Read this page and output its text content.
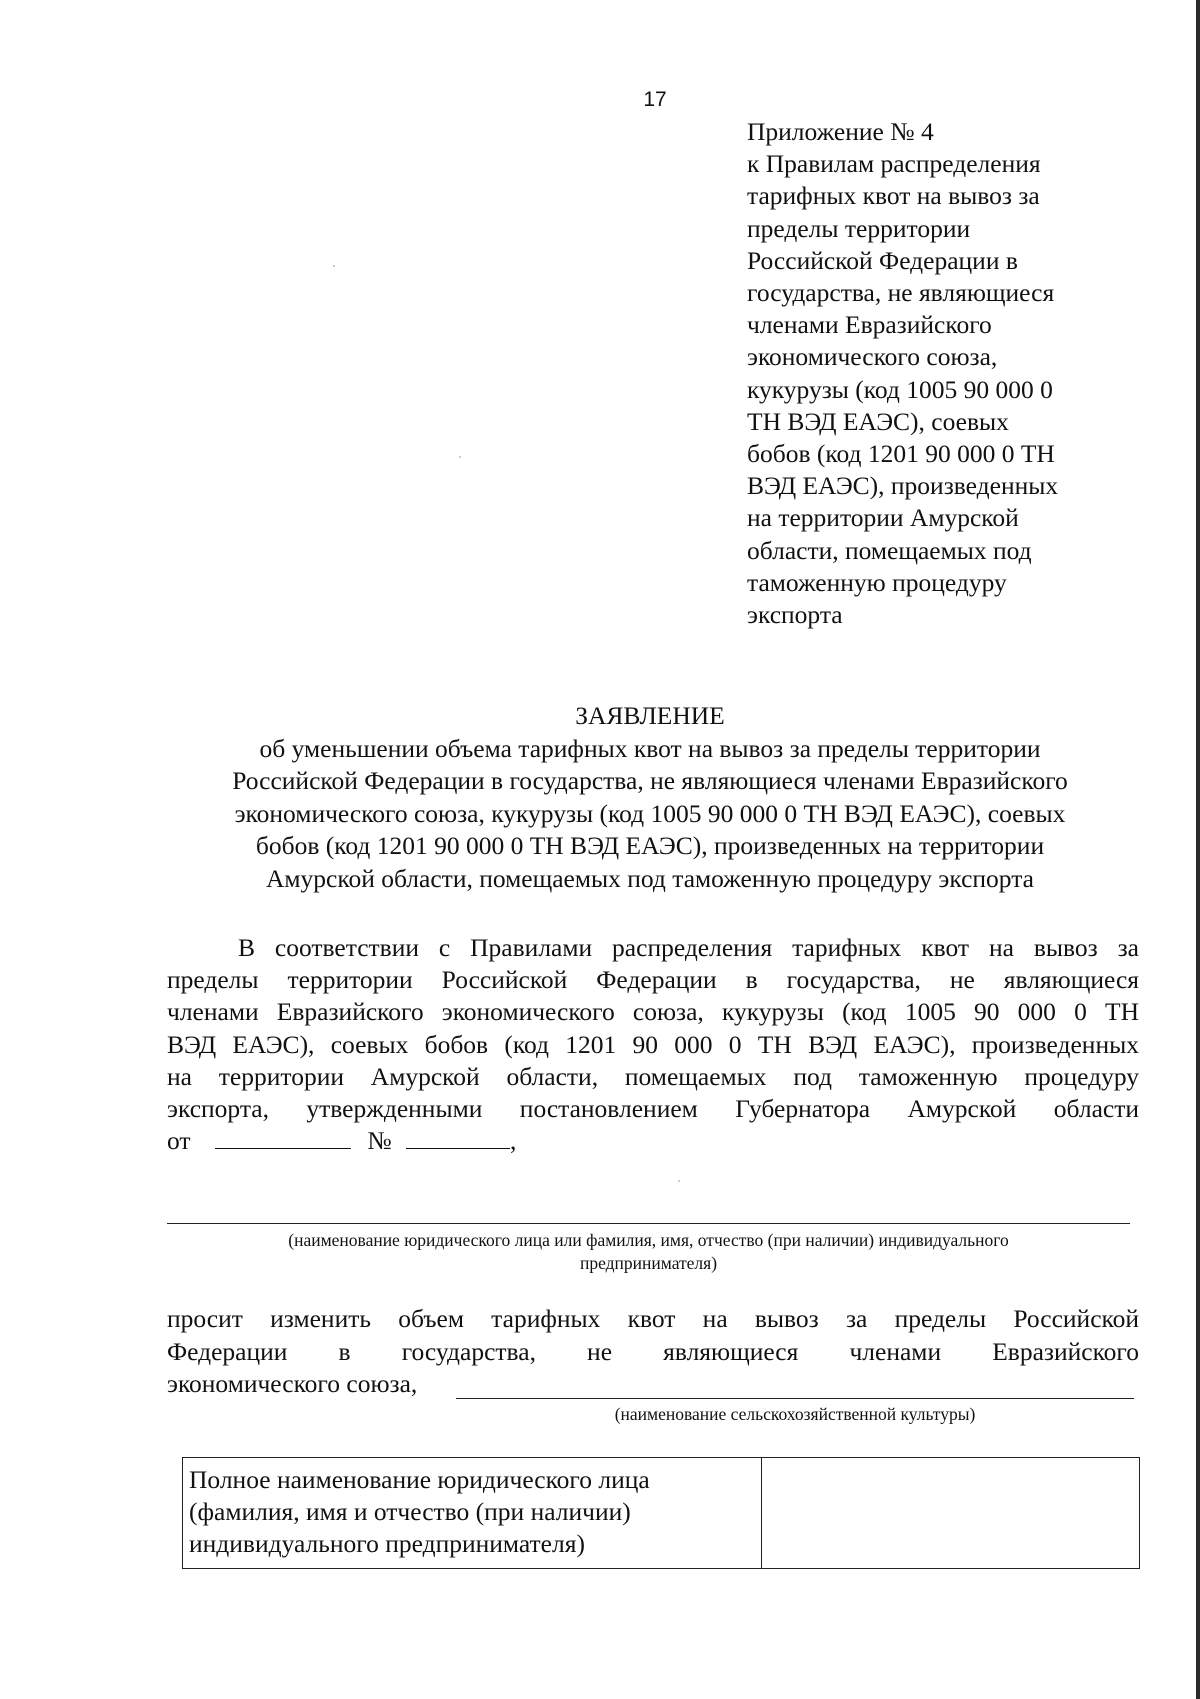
17
Приложение № 4
к Правилам распределения
тарифных квот на вывоз за
пределы территории
Российской Федерации в
государства, не являющиеся
членами Евразийского
экономического союза,
кукурузы (код 1005 90 000 0
ТН ВЭД ЕАЭС), соевых
бобов (код 1201 90 000 0 ТН
ВЭД ЕАЭС), произведенных
на территории Амурской
области, помещаемых под
таможенную процедуру
экспорта
ЗАЯВЛЕНИЕ
об уменьшении объема тарифных квот на вывоз за пределы территории
Российской Федерации в государства, не являющиеся членами Евразийского
экономического союза, кукурузы (код 1005 90 000 0 ТН ВЭД ЕАЭС), соевых
бобов (код 1201 90 000 0 ТН ВЭД ЕАЭС), произведенных на территории
Амурской области, помещаемых под таможенную процедуру экспорта
В соответствии с Правилами распределения тарифных квот на вывоз за
пределы территории Российской Федерации в государства, не являющиеся
членами Евразийского экономического союза, кукурузы (код 1005 90 000 0 ТН
ВЭД ЕАЭС), соевых бобов (код 1201 90 000 0 ТН ВЭД ЕАЭС), произведенных
на территории Амурской области, помещаемых под таможенную процедуру
экспорта, утвержденными постановлением Губернатора Амурской области
от	№	,
(наименование юридического лица или фамилия, имя, отчество (при наличии) индивидуального
предпринимателя)
просит изменить объем тарифных квот на вывоз за пределы Российской
Федерации в государства, не являющиеся членами Евразийского
экономического союза,
(наименование сельскохозяйственной культуры)
Полное наименование юридического лица
(фамилия, имя и отчество (при наличии)
индивидуального предпринимателя)
